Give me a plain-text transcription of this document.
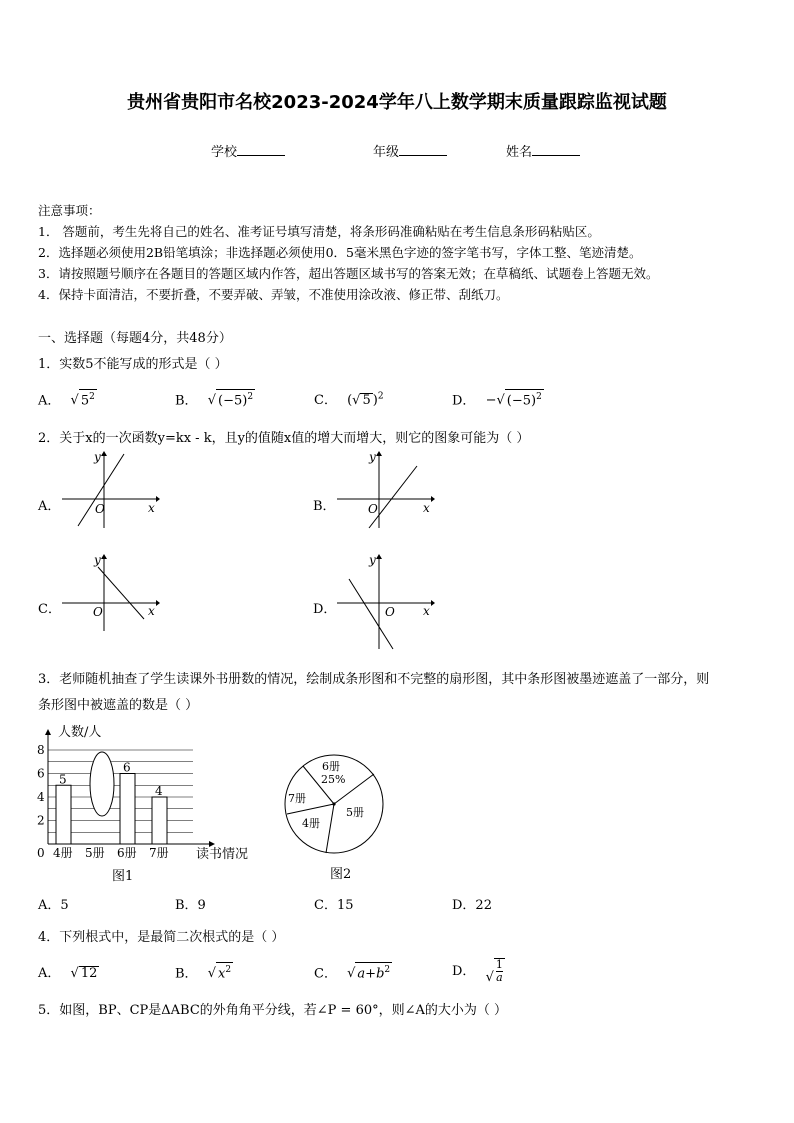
贵州省贵阳市名校2023-2024学年八上数学期末质量跟踪监视试题
学校	年级	姓名
注意事项：
1． 答题前，考生先将自己的姓名、准考证号填写清楚，将条形码准确粘贴在考生信息条形码粘贴区。
2．选择题必须使用2B铅笔填涂；非选择题必须使用0．5毫米黑色字迹的签字笔书写，字体工整、笔迹清楚。
3．请按照题号顺序在各题目的答题区域内作答，超出答题区域书写的答案无效；在草稿纸、试题卷上答题无效。
4．保持卡面清洁，不要折叠，不要弄破、弄皱，不准使用涂改液、修正带、刮纸刀。
一、选择题（每题4分，共48分）
1．实数5不能写成的形式是（ ）
A． √ $5^2$	B． √ $(-5)^2$	C． (√ 5 )$^2$	D． −√ $(-5)^2$
2．关于x的一次函数y=kx - k，且y的值随x值的增大而增大，则它的图象可能为（ ）
A．	O	x
y
B．	O	x
y
C．	O	x
y
D．	O x
y
3．老师随机抽查了学生读课外书册数的情况，绘制成条形图和不完整的扇形图，其中条形图被墨迹遮盖了一部分，则
条形图中被遮盖的数是（ ）
0
2
4
6
8
人数/人
读书情况
5
4册 5册
6
6册
4
7册
图1
6册
25%
7册
4册
5册
图2
A．5	B．9	C．15	D．22
4．下列根式中，是最简二次根式的是（ ）
A． √ 12	B． √ $x^2$	C． √ $a+b^2$	D． √ $\frac{1}{a}$
5．如图，BP、CP是ΔABC的外角角平分线，若∠P = 60°，则∠A的大小为（ ）
